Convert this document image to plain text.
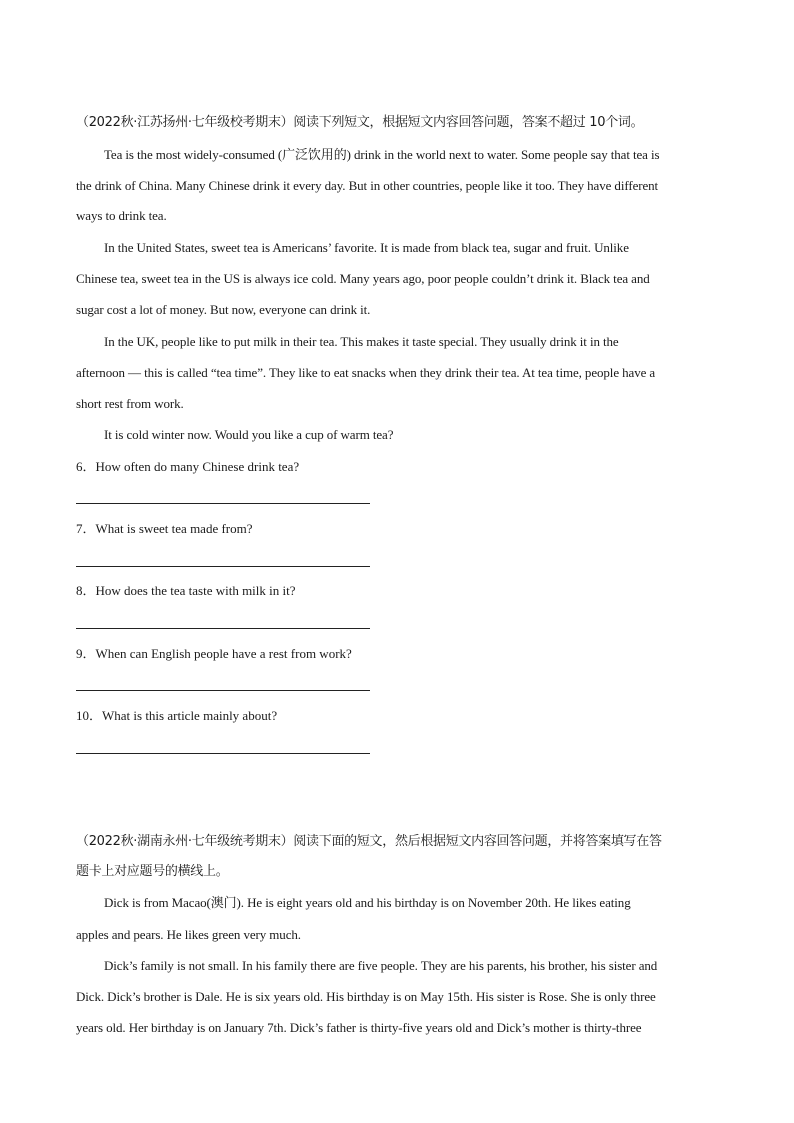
（2022秋·江苏扬州·七年级校考期末）阅读下列短文，根据短文内容回答问题，答案不超过 10个词。
Tea is the most widely-consumed (广泛饮用的) drink in the world next to water. Some people say that tea is
the drink of China. Many Chinese drink it every day. But in other countries, people like it too. They have different
ways to drink tea.
In the United States, sweet tea is Americans’ favorite. It is made from black tea, sugar and fruit. Unlike
Chinese tea, sweet tea in the US is always ice cold. Many years ago, poor people couldn’t drink it. Black tea and
sugar cost a lot of money. But now, everyone can drink it.
In the UK, people like to put milk in their tea. This makes it taste special. They usually drink it in the
afternoon — this is called “tea time”. They like to eat snacks when they drink their tea. At tea time, people have a
short rest from work.
It is cold winter now. Would you like a cup of warm tea?
6．How often do many Chinese drink tea?
7．What is sweet tea made from?
8．How does the tea taste with milk in it?
9．When can English people have a rest from work?
10．What is this article mainly about?
（2022秋·湖南永州·七年级统考期末）阅读下面的短文，然后根据短文内容回答问题，并将答案填写在答
题卡上对应题号的横线上。
Dick is from Macao(澳门). He is eight years old and his birthday is on November 20th. He likes eating
apples and pears. He likes green very much.
Dick’s family is not small. In his family there are five people. They are his parents, his brother, his sister and
Dick. Dick’s brother is Dale. He is six years old. His birthday is on May 15th. His sister is Rose. She is only three
years old. Her birthday is on January 7th. Dick’s father is thirty-five years old and Dick’s mother is thirty-three
